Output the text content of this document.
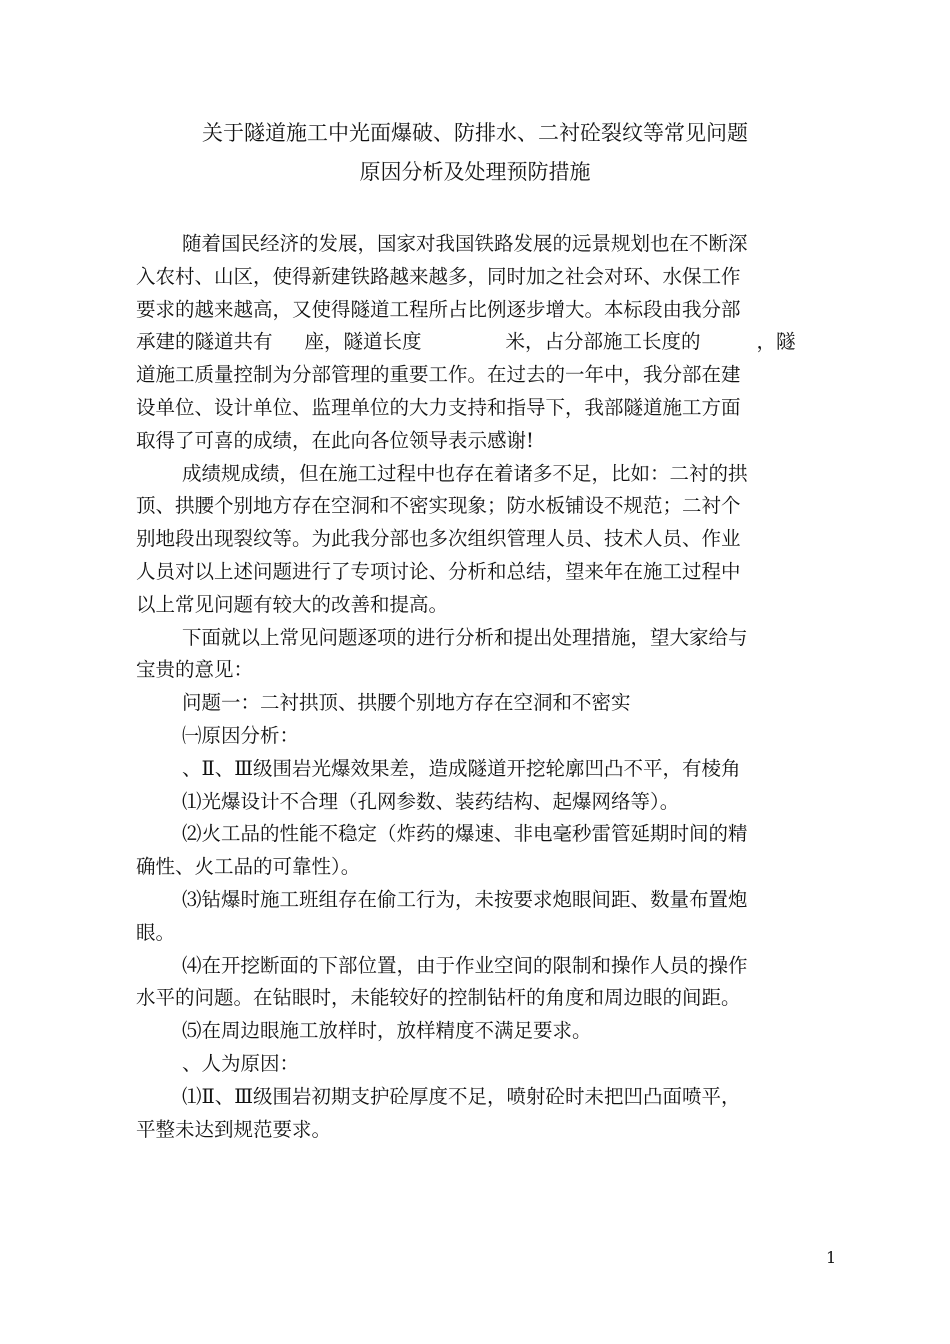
关于隧道施工中光面爆破、防排水、二衬砼裂纹等常见问题
原因分析及处理预防措施
随着国民经济的发展，国家对我国铁路发展的远景规划也在不断深
入农村、山区，使得新建铁路越来越多，同时加之社会对环、水保工作
要求的越来越高，又使得隧道工程所占比例逐步增大。本标段由我分部
承建的隧道共有 座，隧道长度	米，占分部施工长度的	，隧
道施工质量控制为分部管理的重要工作。在过去的一年中，我分部在建
设单位、设计单位、监理单位的大力支持和指导下，我部隧道施工方面
取得了可喜的成绩，在此向各位领导表示感谢!
成绩规成绩，但在施工过程中也存在着诸多不足，比如：二衬的拱
顶、拱腰个别地方存在空洞和不密实现象；防水板铺设不规范；二衬个
别地段出现裂纹等。为此我分部也多次组织管理人员、技术人员、作业
人员对以上述问题进行了专项讨论、分析和总结，望来年在施工过程中
以上常见问题有较大的改善和提高。
下面就以上常见问题逐项的进行分析和提出处理措施，望大家给与
宝贵的意见：
问题一：二衬拱顶、拱腰个别地方存在空洞和不密实
㈠原因分析：
、Ⅱ、Ⅲ级围岩光爆效果差，造成隧道开挖轮廓凹凸不平，有棱角
⑴光爆设计不合理（孔网参数、装药结构、起爆网络等）。
⑵火工品的性能不稳定（炸药的爆速、非电毫秒雷管延期时间的精
确性、火工品的可靠性）。
⑶钻爆时施工班组存在偷工行为，未按要求炮眼间距、数量布置炮
眼。
⑷在开挖断面的下部位置，由于作业空间的限制和操作人员的操作
水平的问题。在钻眼时，未能较好的控制钻杆的角度和周边眼的间距。
⑸在周边眼施工放样时，放样精度不满足要求。
、人为原因：
⑴Ⅱ、Ⅲ级围岩初期支护砼厚度不足，喷射砼时未把凹凸面喷平，
平整未达到规范要求。
1
